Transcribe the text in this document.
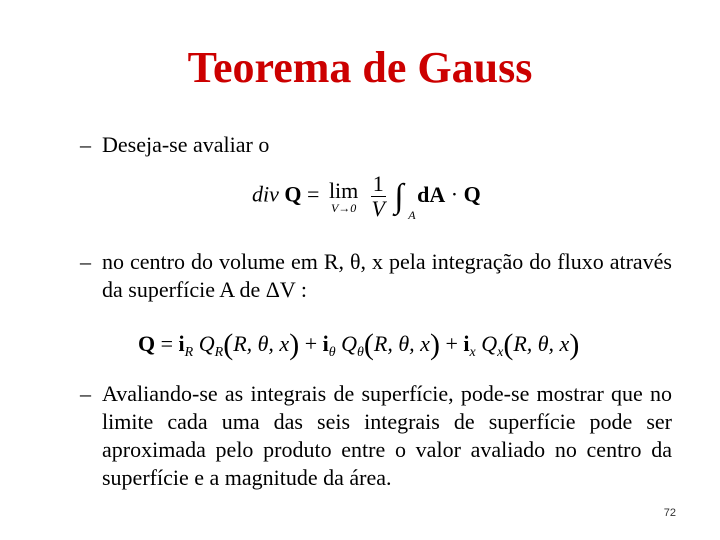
Teorema de Gauss
– Deseja-se avaliar o
div Q = lim
V→0
$\frac{1}{V}$ ∫ A
dA · Q
– no centro do volume em R, θ, x pela integração do fluxo através da superfície A de ΔV :
$Q = i_R$ $Q_R(R$, θ, $x) + i_\theta$ $Q_\theta(R$, θ, $x) + i_x$ $Q_x(R$, θ, x)
– Avaliando-se as integrais de superfície, pode-se mostrar que no limite cada uma das seis integrais de superfície pode ser aproximada pelo produto entre o valor avaliado no centro da superfície e a magnitude da área.
72
